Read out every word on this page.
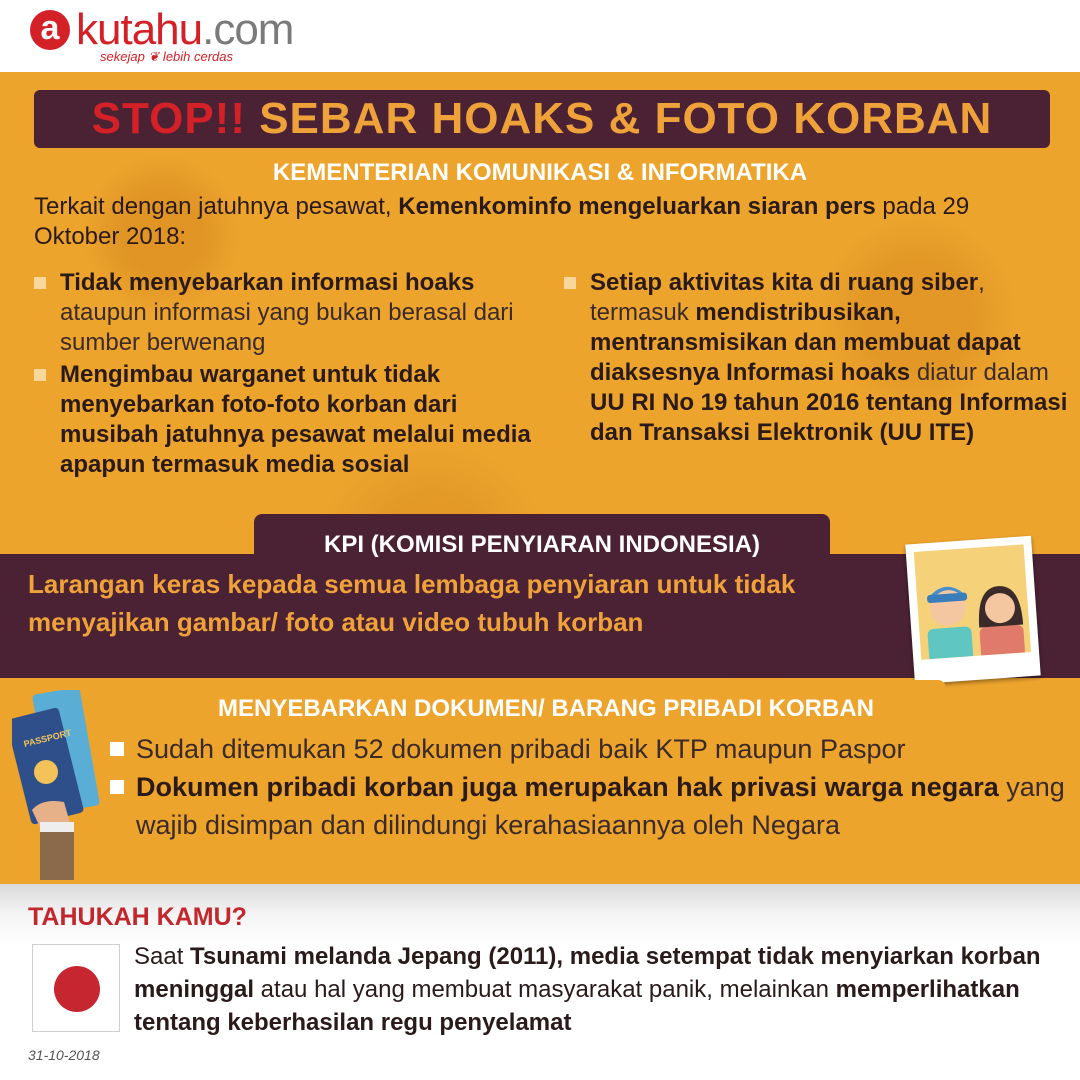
a kutahu.com
sekejap ❦ lebih cerdas
STOP!! SEBAR HOAKS & FOTO KORBAN
KEMENTERIAN KOMUNIKASI & INFORMATIKA
Terkait dengan jatuhnya pesawat, Kemenkominfo mengeluarkan siaran pers pada 29 Oktober 2018:
Tidak menyebarkan informasi hoaks ataupun informasi yang bukan berasal dari sumber berwenang
Mengimbau warganet untuk tidak menyebarkan foto-foto korban dari musibah jatuhnya pesawat melalui media apapun termasuk media sosial
Setiap aktivitas kita di ruang siber, termasuk mendistribusikan, mentransmisikan dan membuat dapat diaksesnya Informasi hoaks diatur dalam UU RI No 19 tahun 2016 tentang Informasi dan Transaksi Elektronik (UU ITE)
KPI (KOMISI PENYIARAN INDONESIA)
Larangan keras kepada semua lembaga penyiaran untuk tidak menyajikan gambar/ foto atau video tubuh korban
MENYEBARKAN DOKUMEN/ BARANG PRIBADI KORBAN
PASSPORT	Sudah ditemukan 52 dokumen pribadi baik KTP maupun Paspor
Dokumen pribadi korban juga merupakan hak privasi warga negara yang wajib disimpan dan dilindungi kerahasiaannya oleh Negara
TAHUKAH KAMU?
Saat Tsunami melanda Jepang (2011), media setempat tidak menyiarkan korban meninggal atau hal yang membuat masyarakat panik, melainkan memperlihatkan tentang keberhasilan regu penyelamat
31-10-2018
